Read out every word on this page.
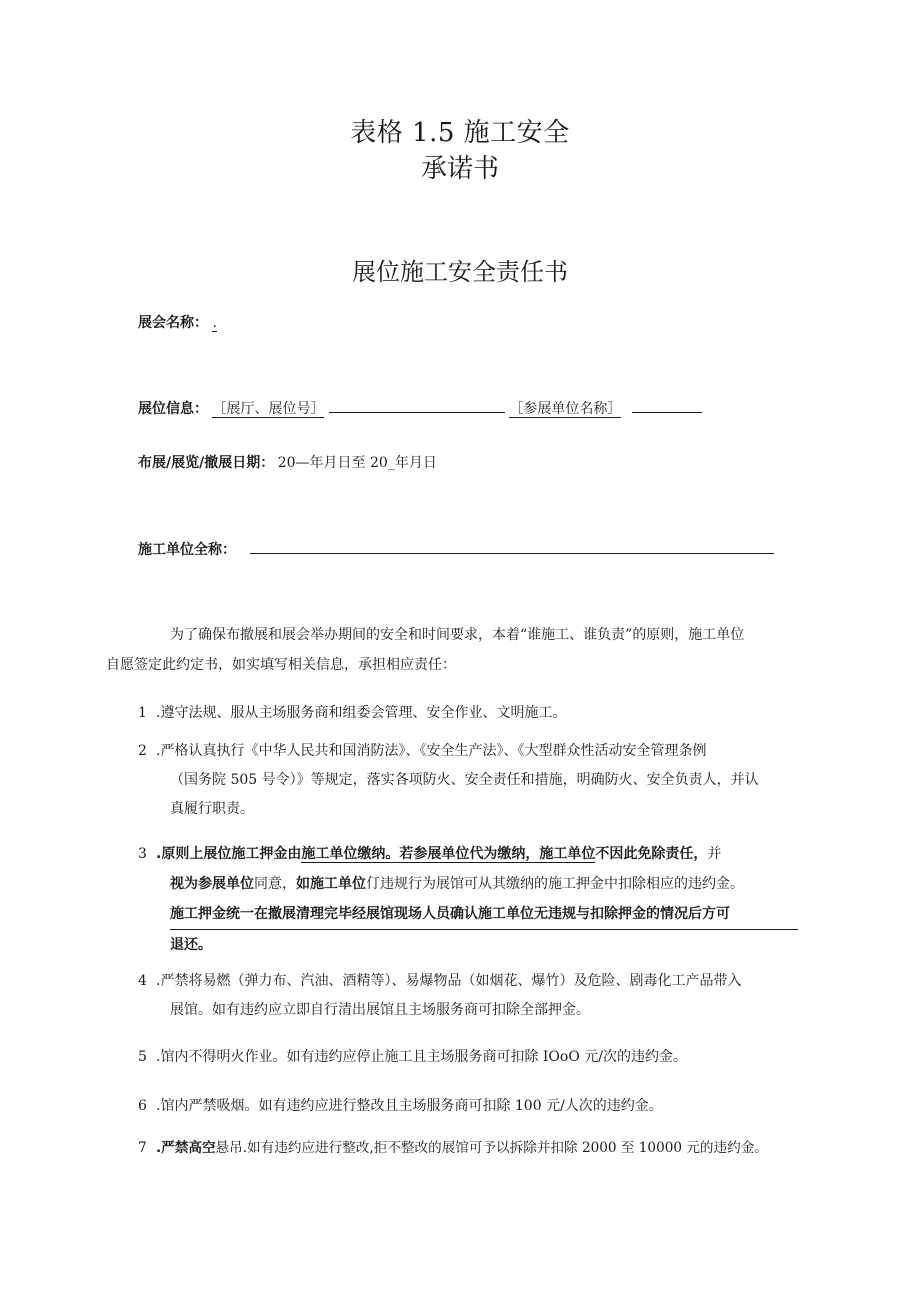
表格 1.5 施工安全
承诺书
展位施工安全责任书
展会名称： .
展位信息： ［展厅、展位号］	［参展单位名称］
布展/展览/撤展日期： 20—年月日至 20_年月日
施工单位全称：
为了确保布撤展和展会举办期间的安全和时间要求，本着“谁施工、谁负责”的原则，施工单位
自愿签定此约定书，如实填写相关信息，承担相应责任：
1 .遵守法规、服从主场服务商和组委会管理、安全作业、文明施工。
2 .严格认真执行《中华人民共和国消防法》、《安全生产法》、《大型群众性活动安全管理条例
（国务院 505 号令）》等规定，落实各项防火、安全责任和措施，明确防火、安全负责人，并认
真履行职责。
3 .原则上展位施工押金由施工单位缴纳。若参展单位代为缴纳，施工单位不因此免除责任，并
视为参展单位同意，如施工单位仃违规行为展馆可从其缴纳的施工押金中扣除相应的违约金。
施工押金统一在撤展清理完毕经展馆现场人员确认施工单位无违规与扣除押金的情况后方可
退还。
4 .严禁将易燃（弹力布、汽油、酒精等）、易爆物品（如烟花、爆竹）及危险、剧毒化工产品带入
展馆。如有违约应立即自行清出展馆且主场服务商可扣除全部押金。
5 .馆内不得明火作业。如有违约应停止施工且主场服务商可扣除 IOoO 元/次的违约金。
6 .馆内严禁吸烟。如有违约应进行整改且主场服务商可扣除 100 元/人次的违约金。
7 .严禁高空悬吊.如有违约应进行整改,拒不整改的展馆可予以拆除并扣除 2000 至 10000 元的违约金。
